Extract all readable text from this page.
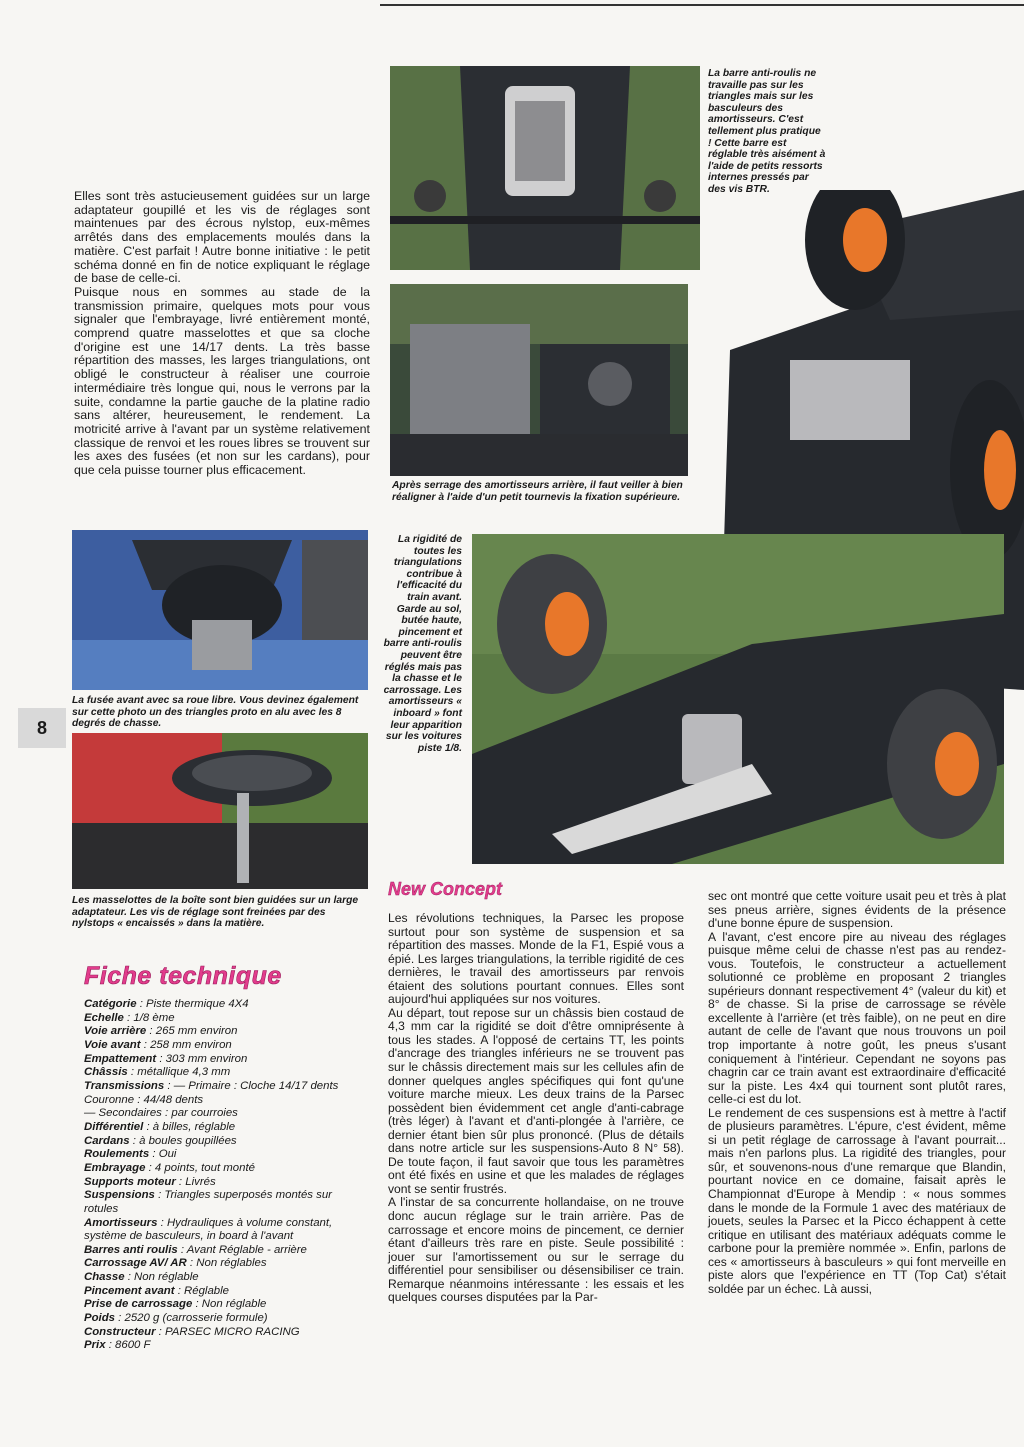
Elles sont très astucieusement guidées sur un large adaptateur goupillé et les vis de réglages sont maintenues par des écrous nylstop, eux-mêmes arrêtés dans des emplacements moulés dans la matière. C'est parfait ! Autre bonne initiative : le petit schéma donné en fin de notice expliquant le réglage de base de celle-ci.

Puisque nous en sommes au stade de la transmission primaire, quelques mots pour vous signaler que l'embrayage, livré entièrement monté, comprend quatre masselottes et que sa cloche d'origine est une 14/17 dents. La très basse répartition des masses, les larges triangulations, ont obligé le constructeur à réaliser une courroie intermédiaire très longue qui, nous le verrons par la suite, condamne la partie gauche de la platine radio sans altérer, heureusement, le rendement. La motricité arrive à l'avant par un système relativement classique de renvoi et les roues libres se trouvent sur les axes des fusées (et non sur les cardans), pour que cela puisse tourner plus efficacement.

8

La barre anti-roulis ne travaille pas sur les triangles mais sur les basculeurs des amortisseurs. C'est tellement plus pratique ! Cette barre est réglable très aisément à l'aide de petits ressorts internes pressés par des vis BTR.

Après serrage des amortisseurs arrière, il faut veiller à bien réaligner à l'aide d'un petit tournevis la fixation supérieure.

La rigidité de toutes les triangulations contribue à l'efficacité du train avant. Garde au sol, butée haute, pincement et barre anti-roulis peuvent être réglés mais pas la chasse et le carrossage. Les amortisseurs « inboard » font leur apparition sur les voitures piste 1/8.

La fusée avant avec sa roue libre. Vous devinez également sur cette photo un des triangles proto en alu avec les 8 degrés de chasse.

Les masselottes de la boîte sont bien guidées sur un large adaptateur. Les vis de réglage sont freinées par des nylstops « encaissés » dans la matière.

Fiche technique
Catégorie : Piste thermique 4X4
Echelle : 1/8 ème
Voie arrière : 265 mm environ
Voie avant : 258 mm environ
Empattement : 303 mm environ
Châssis : métallique 4,3 mm
Transmissions : — Primaire : Cloche 14/17 dents
Couronne : 44/48 dents
— Secondaires : par courroies
Différentiel : à billes, réglable
Cardans : à boules goupillées
Roulements : Oui
Embrayage : 4 points, tout monté
Supports moteur : Livrés
Suspensions : Triangles superposés montés sur rotules
Amortisseurs : Hydrauliques à volume constant, système de basculeurs, in board à l'avant
Barres anti roulis : Avant Réglable - arrière
Carrossage AV/ AR : Non réglables
Chasse : Non réglable
Pincement avant : Réglable
Prise de carrossage : Non réglable
Poids : 2520 g (carrosserie formule)
Constructeur : PARSEC MICRO RACING
Prix : 8600 F
New Concept

Les révolutions techniques, la Parsec les propose surtout pour son système de suspension et sa répartition des masses. Monde de la F1, Espié vous a épié. Les larges triangulations, la terrible rigidité de ces dernières, le travail des amortisseurs par renvois étaient des solutions pourtant connues. Elles sont aujourd'hui appliquées sur nos voitures.

Au départ, tout repose sur un châssis bien costaud de 4,3 mm car la rigidité se doit d'être omniprésente à tous les stades. A l'opposé de certains TT, les points d'ancrage des triangles inférieurs ne se trouvent pas sur le châssis directement mais sur les cellules afin de donner quelques angles spécifiques qui font qu'une voiture marche mieux. Les deux trains de la Parsec possèdent bien évidemment cet angle d'anti-cabrage (très léger) à l'avant et d'anti-plongée à l'arrière, ce dernier étant bien sûr plus prononcé. (Plus de détails dans notre article sur les suspensions-Auto 8 N° 58). De toute façon, il faut savoir que tous les paramètres ont été fixés en usine et que les malades de réglages vont se sentir frustrés.

A l'instar de sa concurrente hollandaise, on ne trouve donc aucun réglage sur le train arrière. Pas de carrossage et encore moins de pincement, ce dernier étant d'ailleurs très rare en piste. Seule possibilité : jouer sur l'amortissement ou sur le serrage du différentiel pour sensibiliser ou désensibiliser ce train. Remarque néanmoins intéressante : les essais et les quelques courses disputées par la Par-

sec ont montré que cette voiture usait peu et très à plat ses pneus arrière, signes évidents de la présence d'une bonne épure de suspension.

A l'avant, c'est encore pire au niveau des réglages puisque même celui de chasse n'est pas au rendez-vous. Toutefois, le constructeur a actuellement solutionné ce problème en proposant 2 triangles supérieurs donnant respectivement 4° (valeur du kit) et 8° de chasse. Si la prise de carrossage se révèle excellente à l'arrière (et très faible), on ne peut en dire autant de celle de l'avant que nous trouvons un poil trop importante à notre goût, les pneus s'usant coniquement à l'intérieur. Cependant ne soyons pas chagrin car ce train avant est extraordinaire d'efficacité sur la piste. Les 4x4 qui tournent sont plutôt rares, celle-ci est du lot.

Le rendement de ces suspensions est à mettre à l'actif de plusieurs paramètres. L'épure, c'est évident, même si un petit réglage de carrossage à l'avant pourrait... mais n'en parlons plus. La rigidité des triangles, pour sûr, et souvenons-nous d'une remarque que Blandin, pourtant novice en ce domaine, faisait après le Championnat d'Europe à Mendip : « nous sommes dans le monde de la Formule 1 avec des matériaux de jouets, seules la Parsec et la Picco échappent à cette critique en utilisant des matériaux adéquats comme le carbone pour la première nommée ». Enfin, parlons de ces « amortisseurs à basculeurs » qui font merveille en piste alors que l'expérience en TT (Top Cat) s'était soldée par un échec. Là aussi,
